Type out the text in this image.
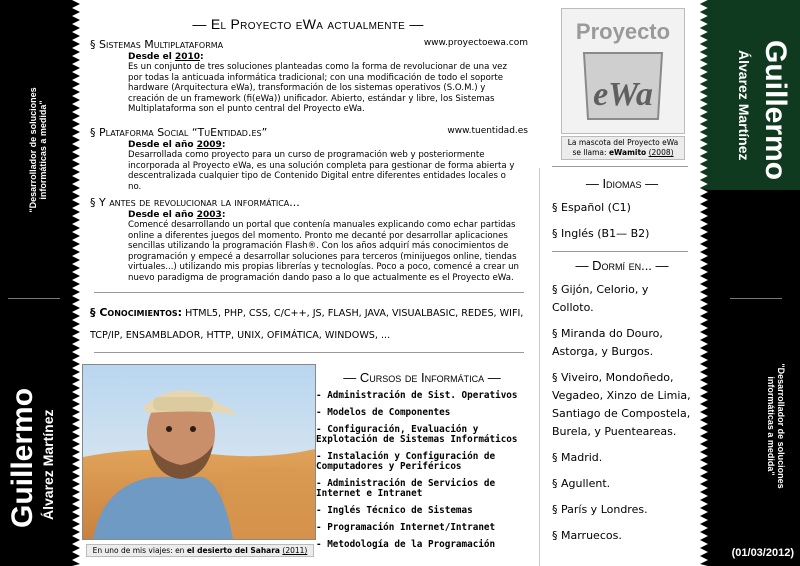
"Desarrollador de soluciones informáticas a medida"
Guillermo Álvarez Martínez
Guillermo
Álvarez Martínez
"Desarrollador de soluciones
informáticas a medida"
(01/03/2012)
— El Proyecto eWa actualmente —
§ Sistemas Multiplataforma	www.proyectoewa.com
Desde el 2010:
Es un conjunto de tres soluciones planteadas como la forma de revolucionar de una vez por todas la anticuada informática tradicional; con una modificación de todo el soporte hardware (Arquitectura eWa), transformación de los sistemas operativos (S.O.M.) y creación de un framework (fi(eWa)) unificador. Abierto, estándar y libre, los Sistemas Multiplataforma son el punto central del Proyecto eWa.
§ Plataforma Social “TuEntidad.es”	www.tuentidad.es
Desde el año 2009:
Desarrollada como proyecto para un curso de programación web y posteriormente incorporada al Proyecto eWa, es una solución completa para gestionar de forma abierta y descentralizada cualquier tipo de Contenido Digital entre diferentes entidades locales o no.
§ Y antes de revolucionar la informática...
Desde el año 2003:
Comencé desarrollando un portal que contenía manuales explicando como echar partidas online a diferentes juegos del momento. Pronto me decanté por desarrollar aplicaciones sencillas utilizando la programación Flash®. Con los años adquirí más conocimientos de programación y empecé a desarrollar soluciones para terceros (minijuegos online, tiendas virtuales...) utilizando mis propias librerías y tecnologías. Poco a poco, comencé a crear un nuevo paradigma de programación dando paso a lo que actualmente es el Proyecto eWa.
§ Conocimientos: HTML5, PHP, CSS, C/C++, JS, FLASH, JAVA, VISUALBASIC, REDES, WIFI, TCP/IP, ENSAMBLADOR, HTTP, UNIX, OFIMÁTICA, WINDOWS, ...
En uno de mis viajes: en el desierto del Sahara (2011)
— Cursos de Informática —
- Administración de Sist. Operativos
- Modelos de Componentes
- Configuración, Evaluación y Explotación de Sistemas Informáticos
- Instalación y Configuración de Computadores y Periféricos
- Administración de Servicios de Internet e Intranet
- Inglés Técnico de Sistemas
- Programación Internet/Intranet
- Metodología de la Programación
Proyecto
eWa
La mascota del Proyecto eWa
se llama: eWamito (2008)
— Idiomas —
§ Español (C1)
§ Inglés (B1— B2)
— Dormí en... —
§ Gijón, Celorio, y Colloto.
§ Miranda do Douro, Astorga, y Burgos.
§ Viveiro, Mondoñedo, Vegadeo, Xinzo de Limia, Santiago de Compostela, Burela, y Puenteareas.
§ Madrid.
§ Agullent.
§ París y Londres.
§ Marruecos.
